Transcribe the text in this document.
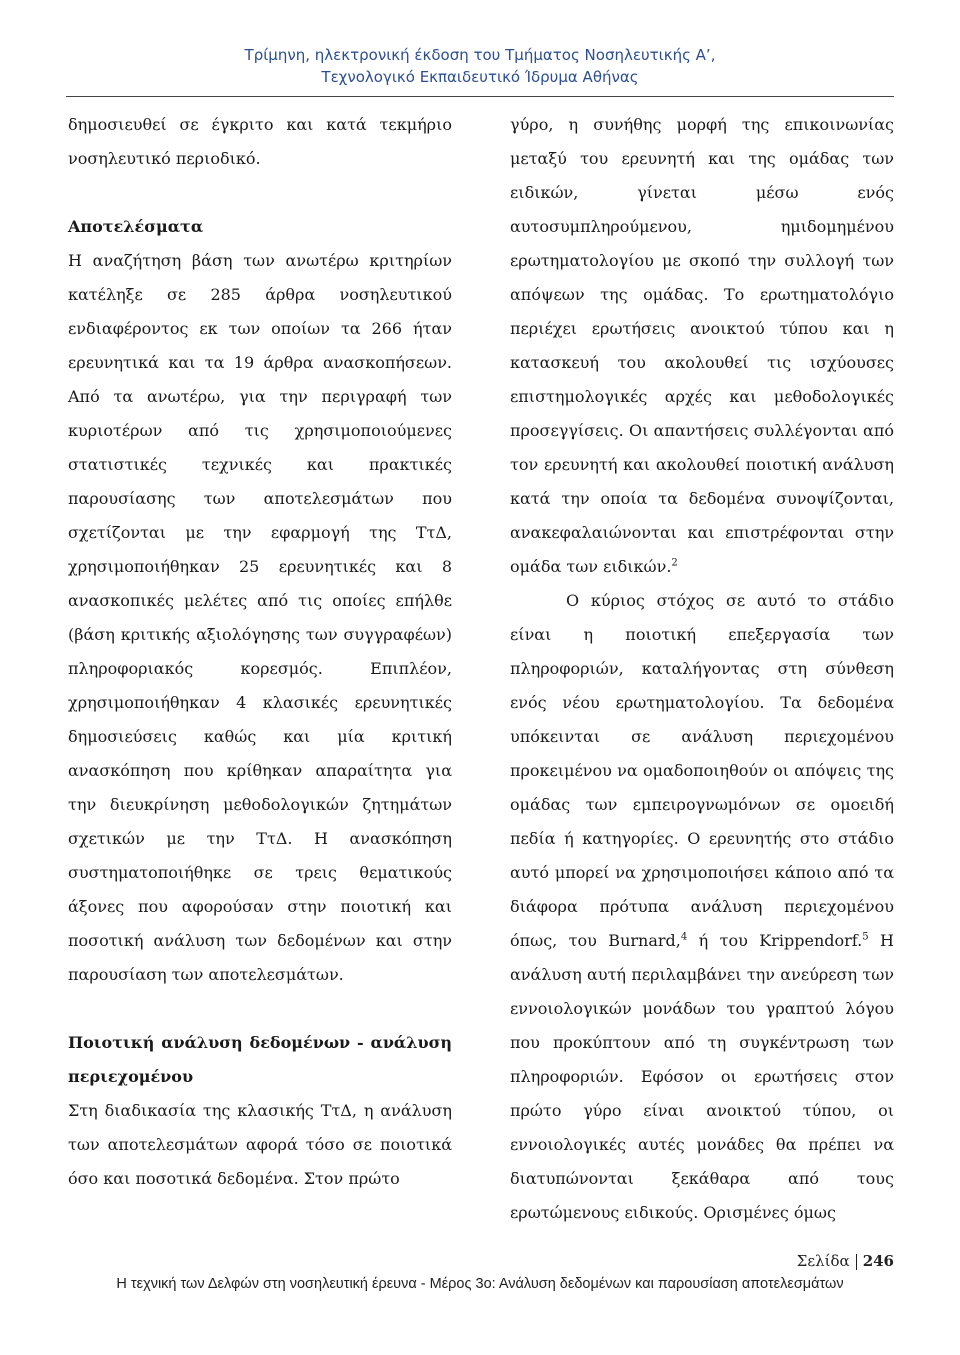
Τρίμηνη, ηλεκτρονική έκδοση του Τμήματος Νοσηλευτικής Α’,
Τεχνολογικό Εκπαιδευτικό Ίδρυμα Αθήνας

δημοσιευθεί σε έγκριτο και κατά τεκμήριο νοσηλευτικό περιοδικό.

Αποτελέσματα

Η αναζήτηση βάση των ανωτέρω κριτηρίων κατέληξε σε 285 άρθρα νοσηλευτικού ενδιαφέροντος εκ των οποίων τα 266 ήταν ερευνητικά και τα 19 άρθρα ανασκοπήσεων. Από τα ανωτέρω, για την περιγραφή των κυριοτέρων από τις χρησιμοποιούμενες στατιστικές τεχνικές και πρακτικές παρουσίασης των αποτελεσμάτων που σχετίζονται με την εφαρμογή της ΤτΔ, χρησιμοποιήθηκαν 25 ερευνητικές και 8 ανασκοπικές μελέτες από τις οποίες επήλθε (βάση κριτικής αξιολόγησης των συγγραφέων) πληροφοριακός κορεσμός. Επιπλέον, χρησιμοποιήθηκαν 4 κλασικές ερευνητικές δημοσιεύσεις καθώς και μία κριτική ανασκόπηση που κρίθηκαν απαραίτητα για την διευκρίνηση μεθοδολογικών ζητημάτων σχετικών με την ΤτΔ. Η ανασκόπηση συστηματοποιήθηκε σε τρεις θεματικούς άξονες που αφορούσαν στην ποιοτική και ποσοτική ανάλυση των δεδομένων και στην παρουσίαση των αποτελεσμάτων.

Ποιοτική ανάλυση δεδομένων - ανάλυση περιεχομένου

Στη διαδικασία της κλασικής ΤτΔ, η ανάλυση των αποτελεσμάτων αφορά τόσο σε ποιοτικά όσο και ποσοτικά δεδομένα. Στον πρώτο

γύρο, η συνήθης μορφή της επικοινωνίας μεταξύ του ερευνητή και της ομάδας των ειδικών, γίνεται μέσω ενός αυτοσυμπληρούμενου, ημιδομημένου ερωτηματολογίου με σκοπό την συλλογή των απόψεων της ομάδας. Το ερωτηματολόγιο περιέχει ερωτήσεις ανοικτού τύπου και η κατασκευή του ακολουθεί τις ισχύουσες επιστημολογικές αρχές και μεθοδολογικές προσεγγίσεις. Οι απαντήσεις συλλέγονται από τον ερευνητή και ακολουθεί ποιοτική ανάλυση κατά την οποία τα δεδομένα συνοψίζονται, ανακεφαλαιώνονται και επιστρέφονται στην ομάδα των ειδικών.$^2$

Ο κύριος στόχος σε αυτό το στάδιο είναι η ποιοτική επεξεργασία των πληροφοριών, καταλήγοντας στη σύνθεση ενός νέου ερωτηματολογίου. Τα δεδομένα υπόκεινται σε ανάλυση περιεχομένου προκειμένου να ομαδοποιηθούν οι απόψεις της ομάδας των εμπειρογνωμόνων σε ομοειδή πεδία ή κατηγορίες. Ο ερευνητής στο στάδιο αυτό μπορεί να χρησιμοποιήσει κάποιο από τα διάφορα πρότυπα ανάλυση περιεχομένου όπως, του Burnard,$^4$ ή του Krippendorf.$^5$ Η ανάλυση αυτή περιλαμβάνει την ανεύρεση των εννοιολογικών μονάδων του γραπτού λόγου που προκύπτουν από τη συγκέντρωση των πληροφοριών. Εφόσον οι ερωτήσεις στον πρώτο γύρο είναι ανοικτού τύπου, οι εννοιολογικές αυτές μονάδες θα πρέπει να διατυπώνονται ξεκάθαρα από τους ερωτώμενους ειδικούς. Ορισμένες όμως

Σελίδα 246
Η τεχνική των Δελφών στη νοσηλευτική έρευνα - Μέρος 3ο: Ανάλυση δεδομένων και παρουσίαση αποτελεσμάτων
